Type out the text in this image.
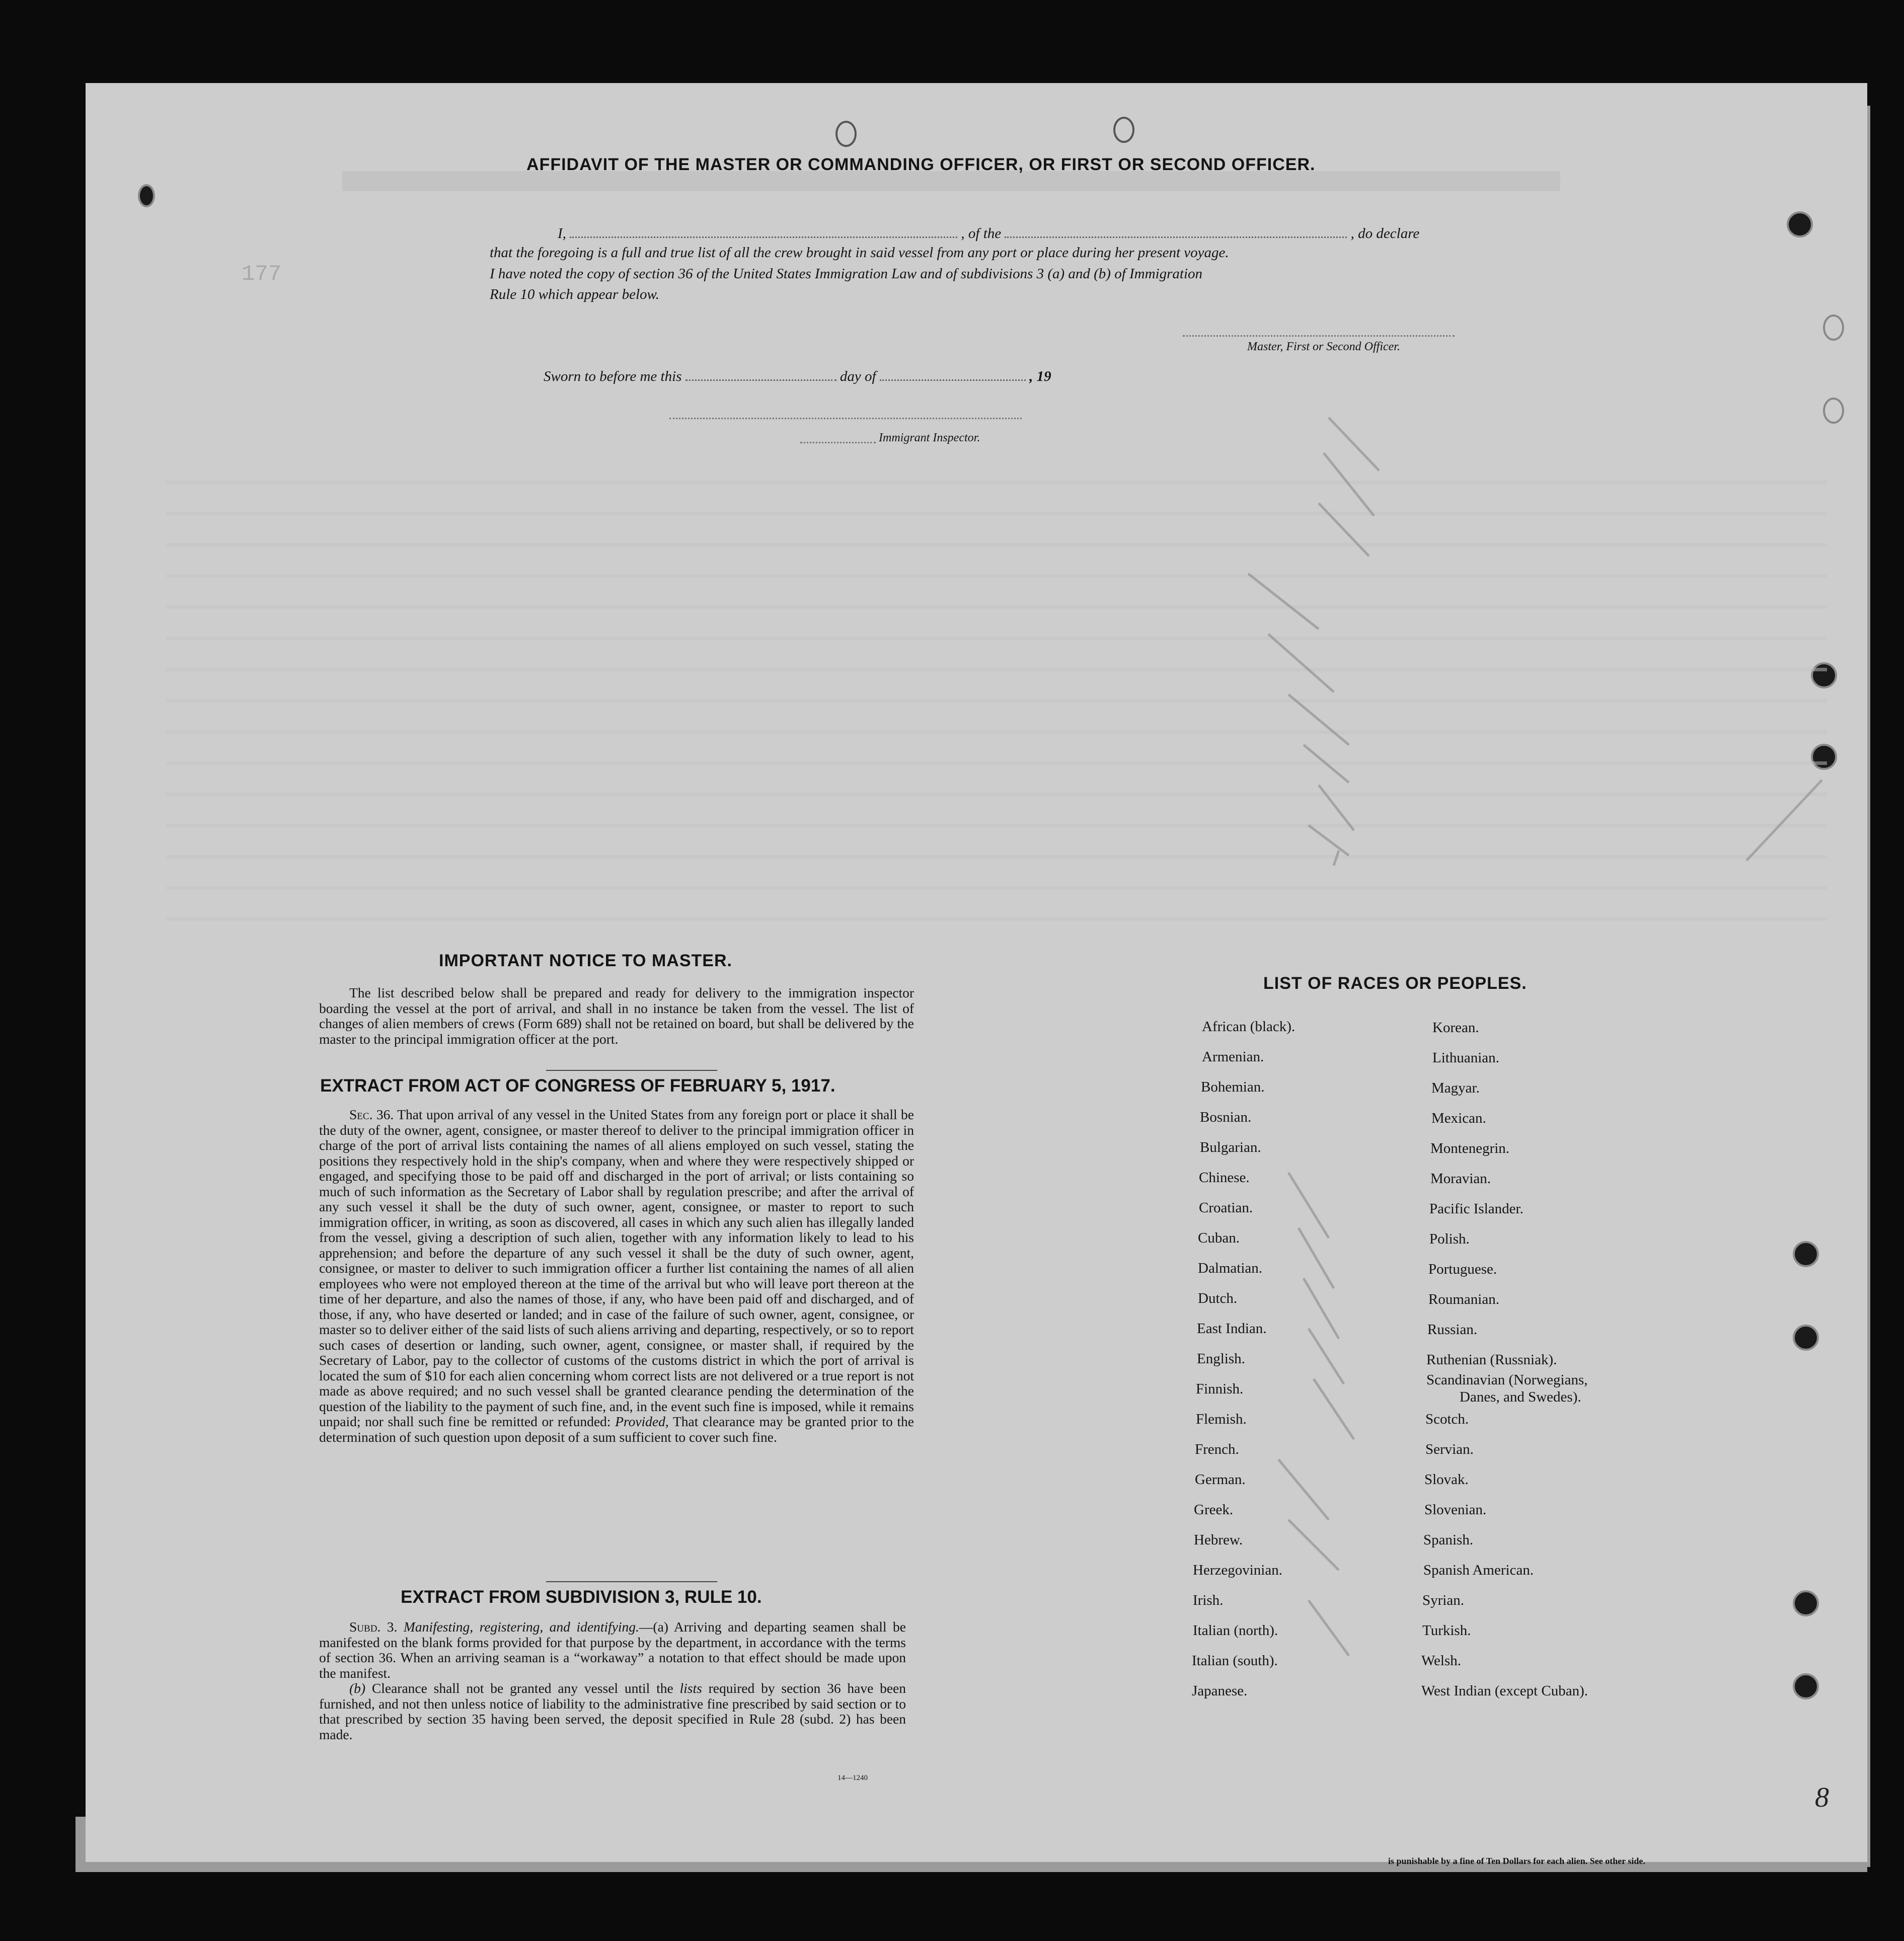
177
AFFIDAVIT OF THE MASTER OR COMMANDING OFFICER, OR FIRST OR SECOND OFFICER.
I,	, of the	, do declare
that the foregoing is a full and true list of all the crew brought in said vessel from any port or place during her present voyage.
I have noted the copy of section 36 of the United States Immigration Law and of subdivisions 3 (a) and (b) of Immigration
Rule 10 which appear below.
Master, First or Second Officer.
Sworn to before me this	day of	, 19
Immigrant Inspector.
IMPORTANT NOTICE TO MASTER.

The list described below shall be prepared and ready for delivery to the immigration inspector boarding the vessel at the port of arrival, and shall in no instance be taken from the vessel. The list of changes of alien members of crews (Form 689) shall not be retained on board, but shall be delivered by the master to the principal immigration officer at the port.

EXTRACT FROM ACT OF CONGRESS OF FEBRUARY 5, 1917.

Sec. 36. That upon arrival of any vessel in the United States from any foreign port or place it shall be the duty of the owner, agent, consignee, or master thereof to deliver to the principal immigration officer in charge of the port of arrival lists containing the names of all aliens employed on such vessel, stating the positions they respectively hold in the ship's company, when and where they were respectively shipped or engaged, and specifying those to be paid off and discharged in the port of arrival; or lists containing so much of such information as the Secretary of Labor shall by regulation prescribe; and after the arrival of any such vessel it shall be the duty of such owner, agent, consignee, or master to report to such immigration officer, in writing, as soon as discovered, all cases in which any such alien has illegally landed from the vessel, giving a description of such alien, together with any information likely to lead to his apprehension; and before the departure of any such vessel it shall be the duty of such owner, agent, consignee, or master to deliver to such immigration officer a further list containing the names of all alien employees who were not employed thereon at the time of the arrival but who will leave port thereon at the time of her departure, and also the names of those, if any, who have been paid off and discharged, and of those, if any, who have deserted or landed; and in case of the failure of such owner, agent, consignee, or master so to deliver either of the said lists of such aliens arriving and departing, respectively, or so to report such cases of desertion or landing, such owner, agent, consignee, or master shall, if required by the Secretary of Labor, pay to the collector of customs of the customs district in which the port of arrival is located the sum of $10 for each alien concerning whom correct lists are not delivered or a true report is not made as above required; and no such vessel shall be granted clearance pending the determination of the question of the liability to the payment of such fine, and, in the event such fine is imposed, while it remains unpaid; nor shall such fine be remitted or refunded: Provided, That clearance may be granted prior to the determination of such question upon deposit of a sum sufficient to cover such fine.

EXTRACT FROM SUBDIVISION 3, RULE 10.

Subd. 3. Manifesting, registering, and identifying.—(a) Arriving and departing seamen shall be manifested on the blank forms provided for that purpose by the department, in accordance with the terms of section 36. When an arriving seaman is a “workaway” a notation to that effect should be made upon the manifest.

(b) Clearance shall not be granted any vessel until the lists required by section 36 have been furnished, and not then unless notice of liability to the administrative fine prescribed by said section or to that prescribed by section 35 having been served, the deposit specified in Rule 28 (subd. 2) has been made.

14—1240
LIST OF RACES OR PEOPLES.
African (black).
Armenian.
Bohemian.
Bosnian.
Bulgarian.
Chinese.
Croatian.
Cuban.
Dalmatian.
Dutch.
East Indian.
English.
Finnish.
Flemish.
French.
German.
Greek.
Hebrew.
Herzegovinian.
Irish.
Italian (north).
Italian (south).
Japanese.
Korean.
Lithuanian.
Magyar.
Mexican.
Montenegrin.
Moravian.
Pacific Islander.
Polish.
Portuguese.
Roumanian.
Russian.
Ruthenian (Russniak).
Scandinavian (Norwegians,
Danes, and Swedes).
Scotch.
Servian.
Slovak.
Slovenian.
Spanish.
Spanish American.
Syrian.
Turkish.
Welsh.
West Indian (except Cuban).
8
is punishable by a fine of Ten Dollars for each alien. See other side.
